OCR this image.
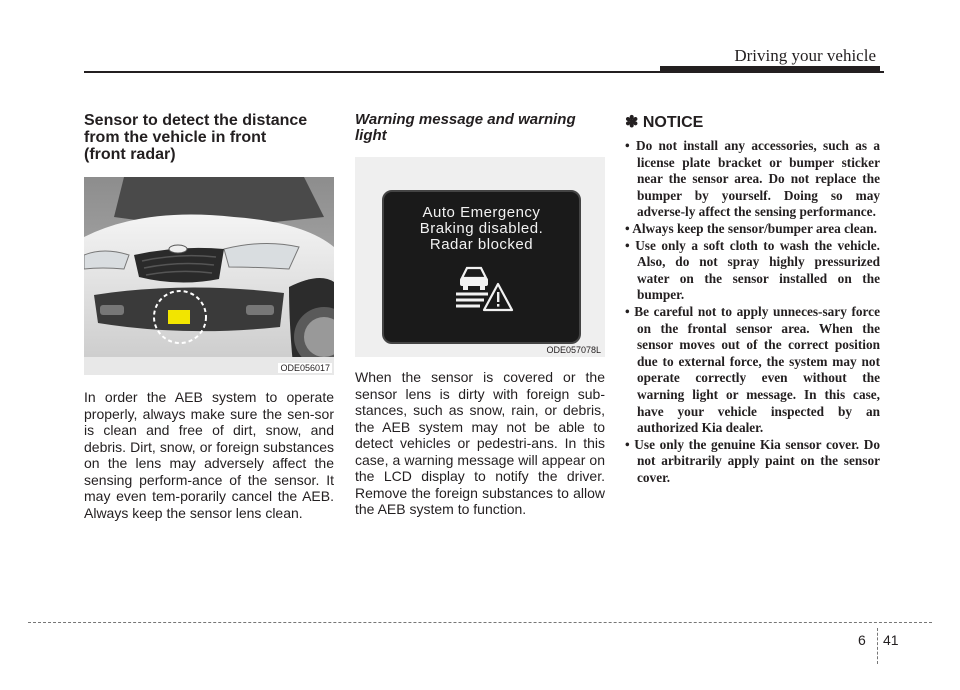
Driving your vehicle
Sensor to detect the distance
from the vehicle in front
(front radar)
ODE056017

In order the AEB system to operate properly, always make sure the sen-sor is clean and free of dirt, snow, and debris. Dirt, snow, or foreign substances on the lens may adversely affect the sensing perform-ance of the sensor. It may even tem-porarily cancel the AEB. Always keep the sensor lens clean.

Warning message and warning
light
Auto Emergency
Braking disabled.
Radar blocked
ODE057078L

When the sensor is covered or the sensor lens is dirty with foreign sub-stances, such as snow, rain, or debris, the AEB system may not be able to detect vehicles or pedestri-ans. In this case, a warning message will appear on the LCD display to notify the driver. Remove the foreign substances to allow the AEB system to function.

✽ NOTICE
• Do not install any accessories, such as a license plate bracket or bumper sticker near the sensor area. Do not replace the bumper by yourself. Doing so may adverse-ly affect the sensing performance.
• Always keep the sensor/bumper area clean.
• Use only a soft cloth to wash the vehicle. Also, do not spray highly pressurized water on the sensor installed on the bumper.
• Be careful not to apply unneces-sary force on the frontal sensor area. When the sensor moves out of the correct position due to external force, the system may not operate correctly even without the warning light or message. In this case, have your vehicle inspected by an authorized Kia dealer.
• Use only the genuine Kia sensor cover. Do not arbitrarily apply paint on the sensor cover.
6 41
